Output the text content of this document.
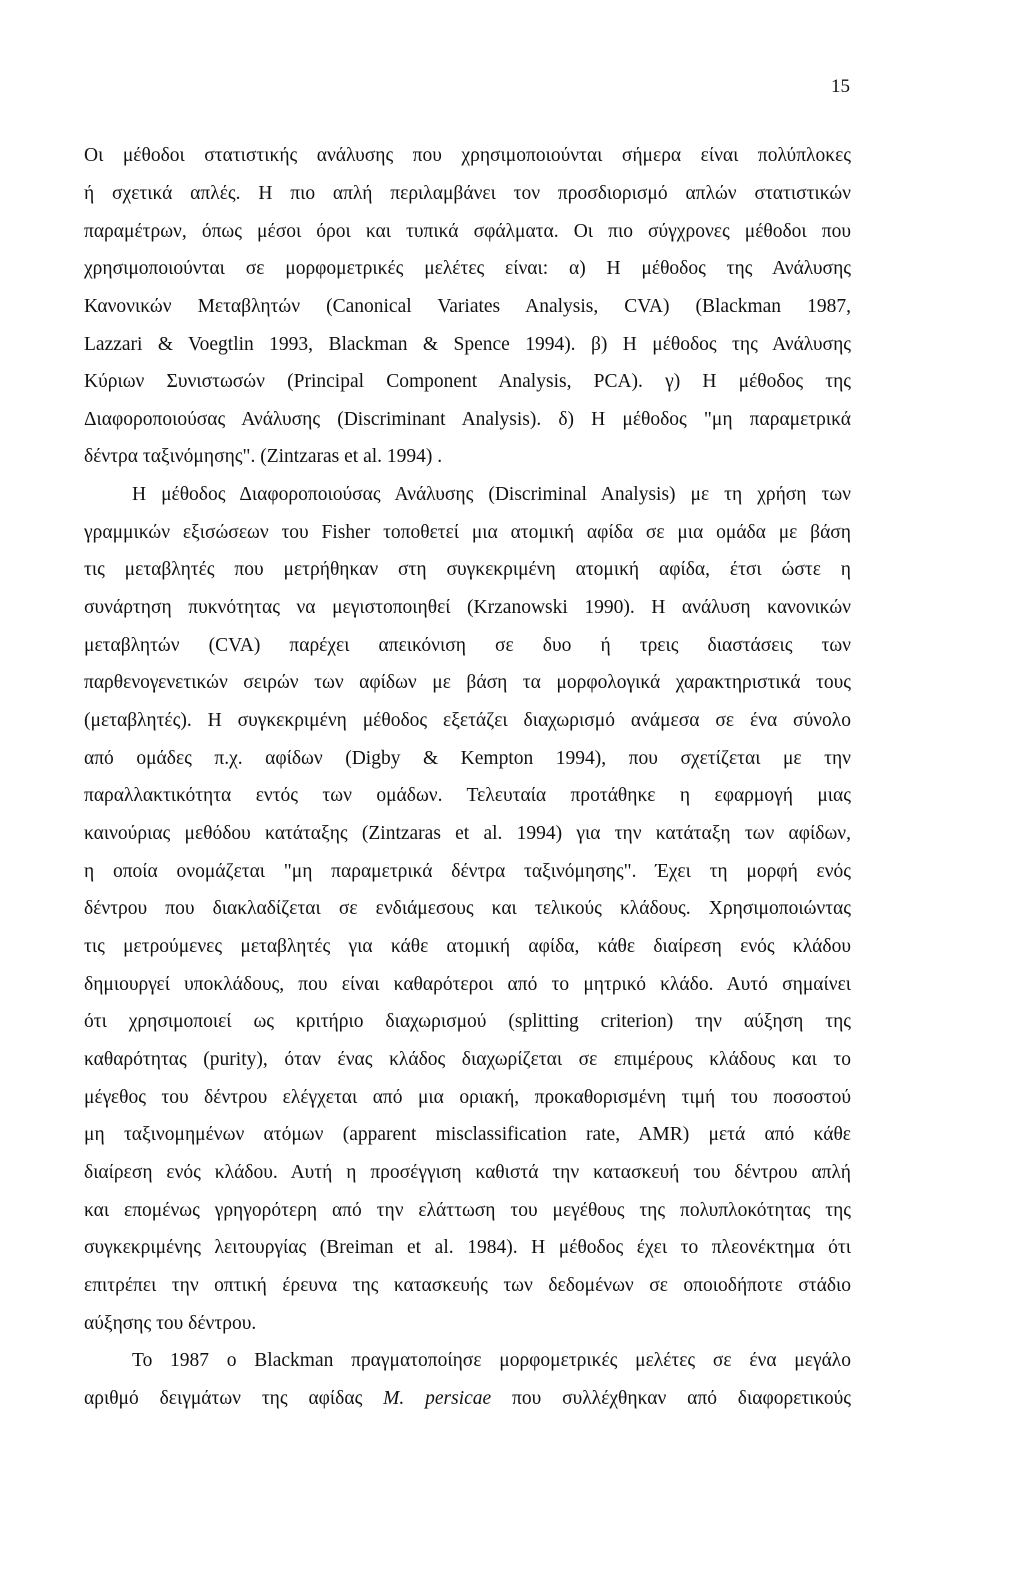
15
Οι μέθοδοι στατιστικής ανάλυσης που χρησιμοποιούνται σήμερα είναι πολύπλοκες
ή σχετικά απλές. Η πιο απλή περιλαμβάνει τον προσδιορισμό απλών στατιστικών
παραμέτρων, όπως μέσοι όροι και τυπικά σφάλματα. Οι πιο σύγχρονες μέθοδοι που
χρησιμοποιούνται σε μορφομετρικές μελέτες είναι: α) Η μέθοδος της Ανάλυσης
Κανονικών Μεταβλητών (Canonical Variates Analysis, CVA) (Blackman 1987,
Lazzari & Voegtlin 1993, Blackman & Spence 1994). β) Η μέθοδος της Ανάλυσης
Κύριων Συνιστωσών (Principal Component Analysis, PCA). γ) Η μέθοδος της
Διαφοροποιούσας Ανάλυσης (Discriminant Analysis). δ) Η μέθοδος "μη παραμετρικά
δέντρα ταξινόμησης". (Zintzaras et al. 1994) .
Η μέθοδος Διαφοροποιούσας Ανάλυσης (Discriminal Analysis) με τη χρήση των
γραμμικών εξισώσεων του Fisher τοποθετεί μια ατομική αφίδα σε μια ομάδα με βάση
τις μεταβλητές που μετρήθηκαν στη συγκεκριμένη ατομική αφίδα, έτσι ώστε η
συνάρτηση πυκνότητας να μεγιστοποιηθεί (Krzanowski 1990). Η ανάλυση κανονικών
μεταβλητών (CVA) παρέχει απεικόνιση σε δυο ή τρεις διαστάσεις των
παρθενογενετικών σειρών των αφίδων με βάση τα μορφολογικά χαρακτηριστικά τους
(μεταβλητές). Η συγκεκριμένη μέθοδος εξετάζει διαχωρισμό ανάμεσα σε ένα σύνολο
από ομάδες π.χ. αφίδων (Digby & Kempton 1994), που σχετίζεται με την
παραλλακτικότητα εντός των ομάδων. Τελευταία προτάθηκε η εφαρμογή μιας
καινούριας μεθόδου κατάταξης (Zintzaras et al. 1994) για την κατάταξη των αφίδων,
η οποία ονομάζεται "μη παραμετρικά δέντρα ταξινόμησης". Έχει τη μορφή ενός
δέντρου που διακλαδίζεται σε ενδιάμεσους και τελικούς κλάδους. Χρησιμοποιώντας
τις μετρούμενες μεταβλητές για κάθε ατομική αφίδα, κάθε διαίρεση ενός κλάδου
δημιουργεί υποκλάδους, που είναι καθαρότεροι από το μητρικό κλάδο. Αυτό σημαίνει
ότι χρησιμοποιεί ως κριτήριο διαχωρισμού (splitting criterion) την αύξηση της
καθαρότητας (purity), όταν ένας κλάδος διαχωρίζεται σε επιμέρους κλάδους και το
μέγεθος του δέντρου ελέγχεται από μια οριακή, προκαθορισμένη τιμή του ποσοστού
μη ταξινομημένων ατόμων (apparent misclassification rate, AMR) μετά από κάθε
διαίρεση ενός κλάδου. Αυτή η προσέγγιση καθιστά την κατασκευή του δέντρου απλή
και επομένως γρηγορότερη από την ελάττωση του μεγέθους της πολυπλοκότητας της
συγκεκριμένης λειτουργίας (Breiman et al. 1984). Η μέθοδος έχει το πλεονέκτημα ότι
επιτρέπει την οπτική έρευνα της κατασκευής των δεδομένων σε οποιοδήποτε στάδιο
αύξησης του δέντρου.
Το 1987 ο Blackman πραγματοποίησε μορφομετρικές μελέτες σε ένα μεγάλο
αριθμό δειγμάτων της αφίδας M. persicae που συλλέχθηκαν από διαφορετικούς
